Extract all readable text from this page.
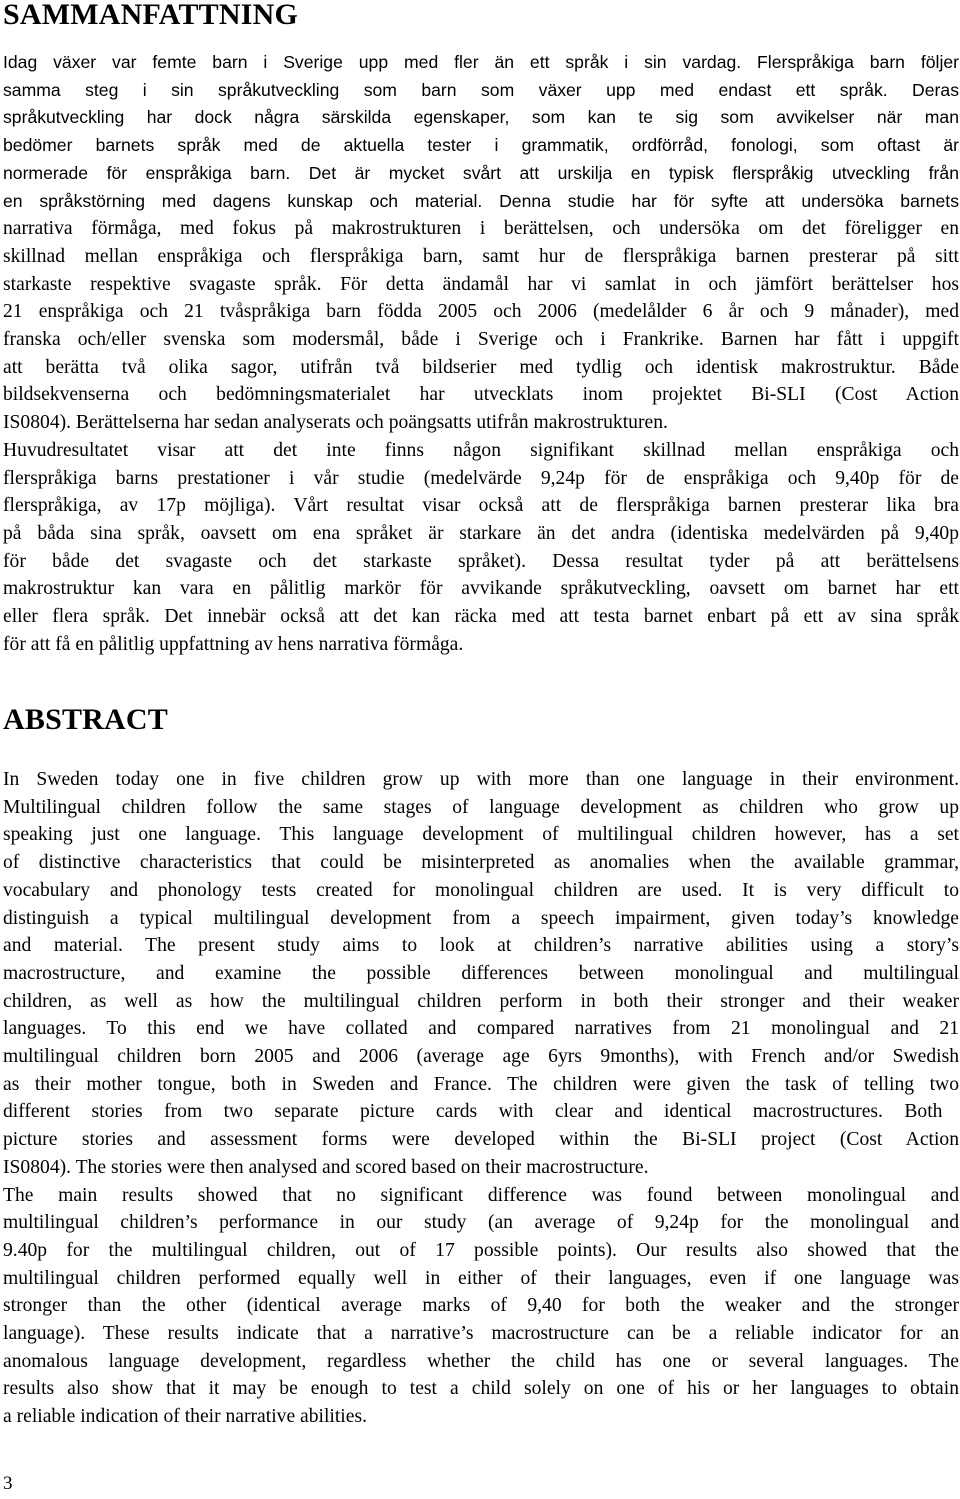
SAMMANFATTNING
Idag växer var femte barn i Sverige upp med fler än ett språk i sin vardag. Flerspråkiga barn följer
samma steg i sin språkutveckling som barn som växer upp med endast ett språk. Deras
språkutveckling har dock några särskilda egenskaper, som kan te sig som avvikelser när man
bedömer barnets språk med de aktuella tester i grammatik, ordförråd, fonologi, som oftast är
normerade för enspråkiga barn. Det är mycket svårt att urskilja en typisk flerspråkig utveckling från
en språkstörning med dagens kunskap och material. Denna studie har för syfte att undersöka barnets
narrativa förmåga, med fokus på makrostrukturen i berättelsen, och undersöka om det föreligger en
skillnad mellan enspråkiga och flerspråkiga barn, samt hur de flerspråkiga barnen presterar på sitt
starkaste respektive svagaste språk. För detta ändamål har vi samlat in och jämfört berättelser hos
21 enspråkiga och 21 tvåspråkiga barn födda 2005 och 2006 (medelålder 6 år och 9 månader), med
franska och/eller svenska som modersmål, både i Sverige och i Frankrike. Barnen har fått i uppgift
att berätta två olika sagor, utifrån två bildserier med tydlig och identisk makrostruktur. Både
bildsekvenserna och bedömningsmaterialet har utvecklats inom projektet Bi-SLI (Cost Action
IS0804). Berättelserna har sedan analyserats och poängsatts utifrån makrostrukturen.
Huvudresultatet visar att det inte finns någon signifikant skillnad mellan enspråkiga och
flerspråkiga barns prestationer i vår studie (medelvärde 9,24p för de enspråkiga och 9,40p för de
flerspråkiga, av 17p möjliga). Vårt resultat visar också att de flerspråkiga barnen presterar lika bra
på båda sina språk, oavsett om ena språket är starkare än det andra (identiska medelvärden på 9,40p
för både det svagaste och det starkaste språket). Dessa resultat tyder på att berättelsens
makrostruktur kan vara en pålitlig markör för avvikande språkutveckling, oavsett om barnet har ett
eller flera språk. Det innebär också att det kan räcka med att testa barnet enbart på ett av sina språk
för att få en pålitlig uppfattning av hens narrativa förmåga.
ABSTRACT
In Sweden today one in five children grow up with more than one language in their environment.
Multilingual children follow the same stages of language development as children who grow up
speaking just one language. This language development of multilingual children however, has a set
of distinctive characteristics that could be misinterpreted as anomalies when the available grammar,
vocabulary and phonology tests created for monolingual children are used. It is very difficult to
distinguish a typical multilingual development from a speech impairment, given today’s knowledge
and material. The present study aims to look at children’s narrative abilities using a story’s
macrostructure, and examine the possible differences between monolingual and multilingual
children, as well as how the multilingual children perform in both their stronger and their weaker
languages. To this end we have collated and compared narratives from 21 monolingual and 21
multilingual children born 2005 and 2006 (average age 6yrs 9months), with French and/or Swedish
as their mother tongue, both in Sweden and France. The children were given the task of telling two
different stories from two separate picture cards with clear and identical macrostructures. Both
picture stories and assessment forms were developed within the Bi-SLI project (Cost Action
IS0804). The stories were then analysed and scored based on their macrostructure.
The main results showed that no significant difference was found between monolingual and
multilingual children’s performance in our study (an average of 9,24p for the monolingual and
9.40p for the multilingual children, out of 17 possible points). Our results also showed that the
multilingual children performed equally well in either of their languages, even if one language was
stronger than the other (identical average marks of 9,40 for both the weaker and the stronger
language). These results indicate that a narrative’s macrostructure can be a reliable indicator for an
anomalous language development, regardless whether the child has one or several languages. The
results also show that it may be enough to test a child solely on one of his or her languages to obtain
a reliable indication of their narrative abilities.

3
